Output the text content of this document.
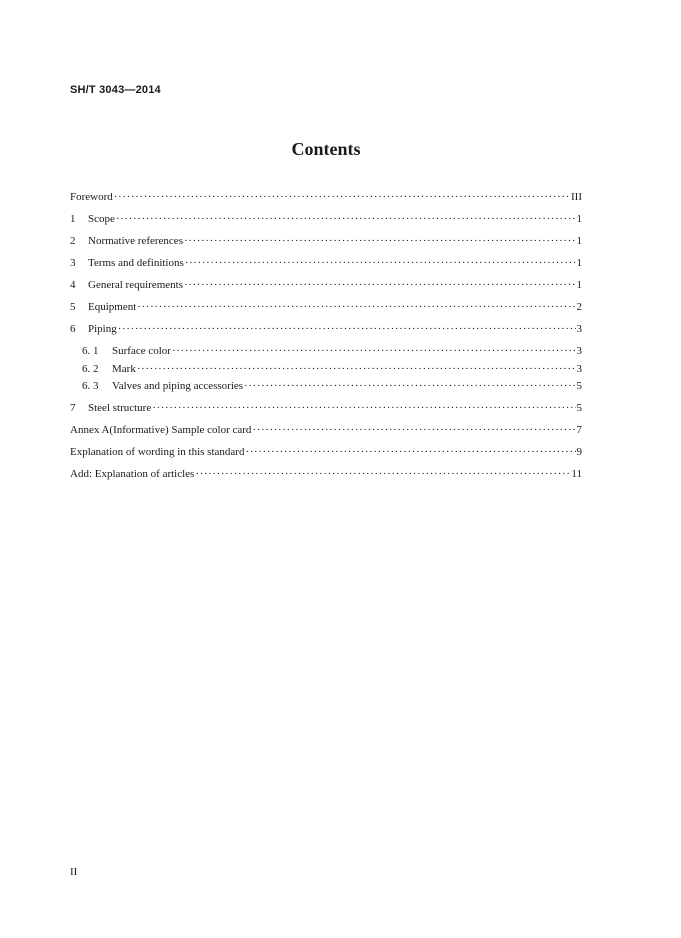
SH/T 3043—2014
Contents
Foreword ·····	III
1	Scope ·····	1
2	Normative references ·····	1
3	Terms and definitions ·····	1
4	General requirements ·····	1
5	Equipment ·····	2
6	Piping ·····	3
6. 1	Surface color ·····	3
6. 2	Mark ·····	3
6. 3	Valves and piping accessories ·····	5
7	Steel structure ·····	5
Annex A(Informative) Sample color card ·····	7
Explanation of wording in this standard ·····	9
Add: Explanation of articles ·····	11
II
